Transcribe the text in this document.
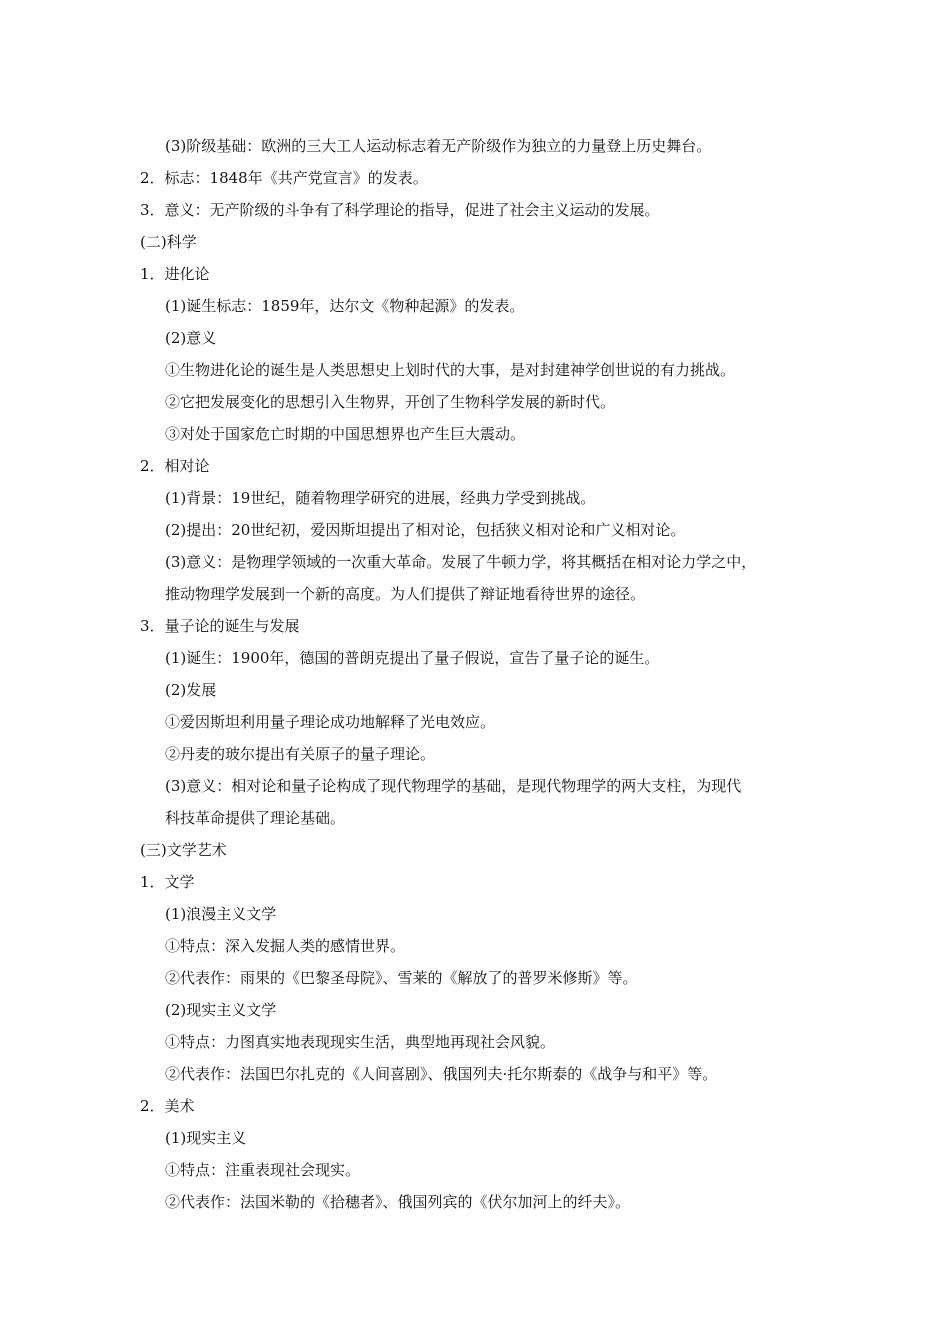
(3)阶级基础：欧洲的三大工人运动标志着无产阶级作为独立的力量登上历史舞台。
2．标志：1848年《共产党宣言》的发表。
3．意义：无产阶级的斗争有了科学理论的指导，促进了社会主义运动的发展。
(二)科学
1．进化论
(1)诞生标志：1859年，达尔文《物种起源》的发表。
(2)意义
①生物进化论的诞生是人类思想史上划时代的大事，是对封建神学创世说的有力挑战。
②它把发展变化的思想引入生物界，开创了生物科学发展的新时代。
③对处于国家危亡时期的中国思想界也产生巨大震动。
2．相对论
(1)背景：19世纪，随着物理学研究的进展，经典力学受到挑战。
(2)提出：20世纪初，爱因斯坦提出了相对论，包括狭义相对论和广义相对论。
(3)意义：是物理学领域的一次重大革命。发展了牛顿力学，将其概括在相对论力学之中，
推动物理学发展到一个新的高度。为人们提供了辩证地看待世界的途径。
3．量子论的诞生与发展
(1)诞生：1900年，德国的普朗克提出了量子假说，宣告了量子论的诞生。
(2)发展
①爱因斯坦利用量子理论成功地解释了光电效应。
②丹麦的玻尔提出有关原子的量子理论。
(3)意义：相对论和量子论构成了现代物理学的基础，是现代物理学的两大支柱，为现代
科技革命提供了理论基础。
(三)文学艺术
1．文学
(1)浪漫主义文学
①特点：深入发掘人类的感情世界。
②代表作：雨果的《巴黎圣母院》、雪莱的《解放了的普罗米修斯》等。
(2)现实主义文学
①特点：力图真实地表现现实生活，典型地再现社会风貌。
②代表作：法国巴尔扎克的《人间喜剧》、俄国列夫·托尔斯泰的《战争与和平》等。
2．美术
(1)现实主义
①特点：注重表现社会现实。
②代表作：法国米勒的《拾穗者》、俄国列宾的《伏尔加河上的纤夫》。
